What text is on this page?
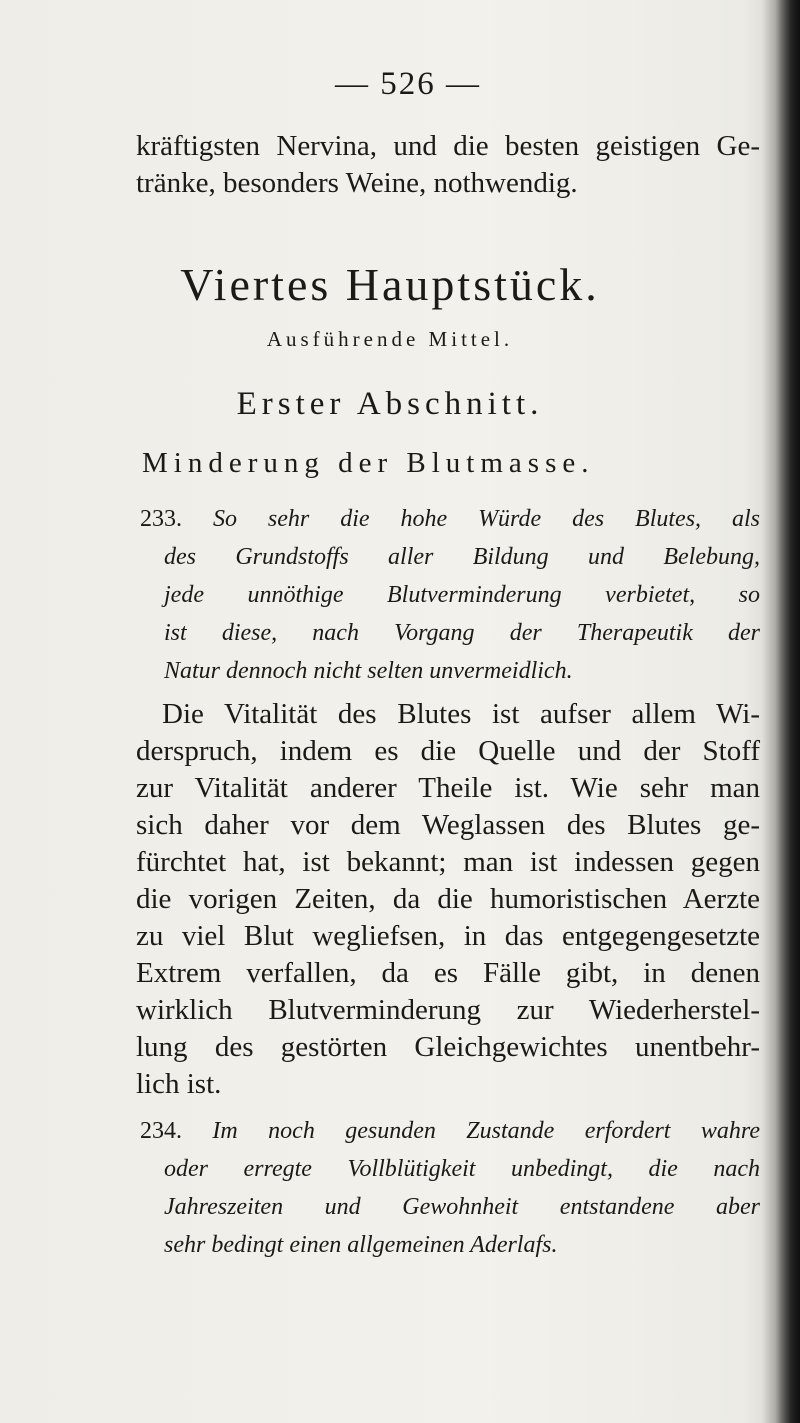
— 526 —
kräftigsten Nervina, und die besten geistigen Ge-
tränke, besonders Weine, nothwendig.
Viertes Hauptstück.
Ausführende Mittel.
Erster Abschnitt.
Minderung der Blutmasse.
233. So sehr die hohe Würde des Blutes, als
des Grundstoffs aller Bildung und Belebung,
jede unnöthige Blutverminderung verbietet, so
ist diese, nach Vorgang der Therapeutik der
Natur dennoch nicht selten unvermeidlich.
Die Vitalität des Blutes ist aufser allem Wi-
derspruch, indem es die Quelle und der Stoff
zur Vitalität anderer Theile ist. Wie sehr man
sich daher vor dem Weglassen des Blutes ge-
fürchtet hat, ist bekannt; man ist indessen gegen
die vorigen Zeiten, da die humoristischen Aerzte
zu viel Blut wegliefsen, in das entgegengesetzte
Extrem verfallen, da es Fälle gibt, in denen
wirklich Blutverminderung zur Wiederherstel-
lung des gestörten Gleichgewichtes unentbehr-
lich ist.
234. Im noch gesunden Zustande erfordert wahre
oder erregte Vollblütigkeit unbedingt, die nach
Jahreszeiten und Gewohnheit entstandene aber
sehr bedingt einen allgemeinen Aderlafs.
